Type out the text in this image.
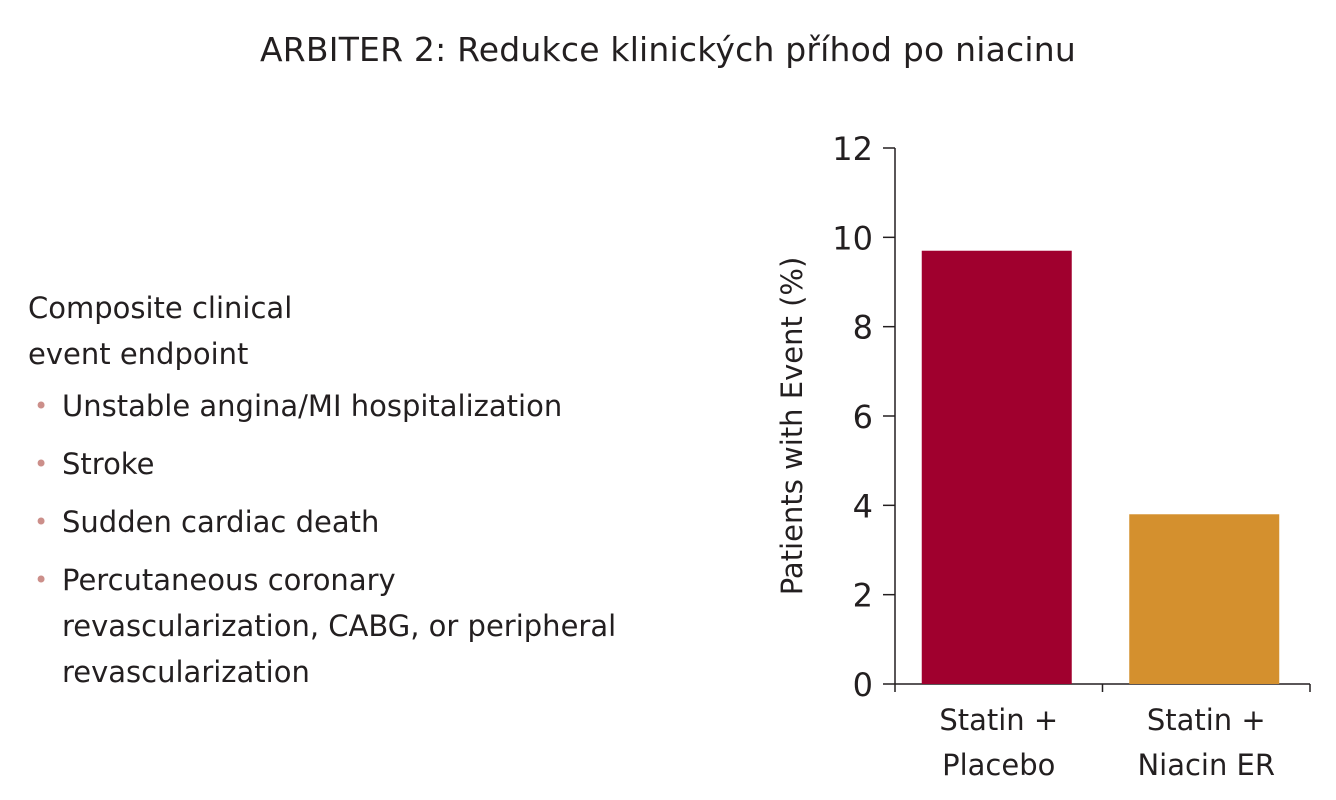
ARBITER 2: Redukce klinických příhod po niacinu
Composite clinical event endpoint
• Unstable angina/MI hospitalization
• Stroke
• Sudden cardiac death
• Percutaneous coronary revascularization, CABG, or peripheral revascularization	0
2
4
6
8
10
12
Patients with Event (%)
Statin +
Placebo
Statin +
Niacin ER
